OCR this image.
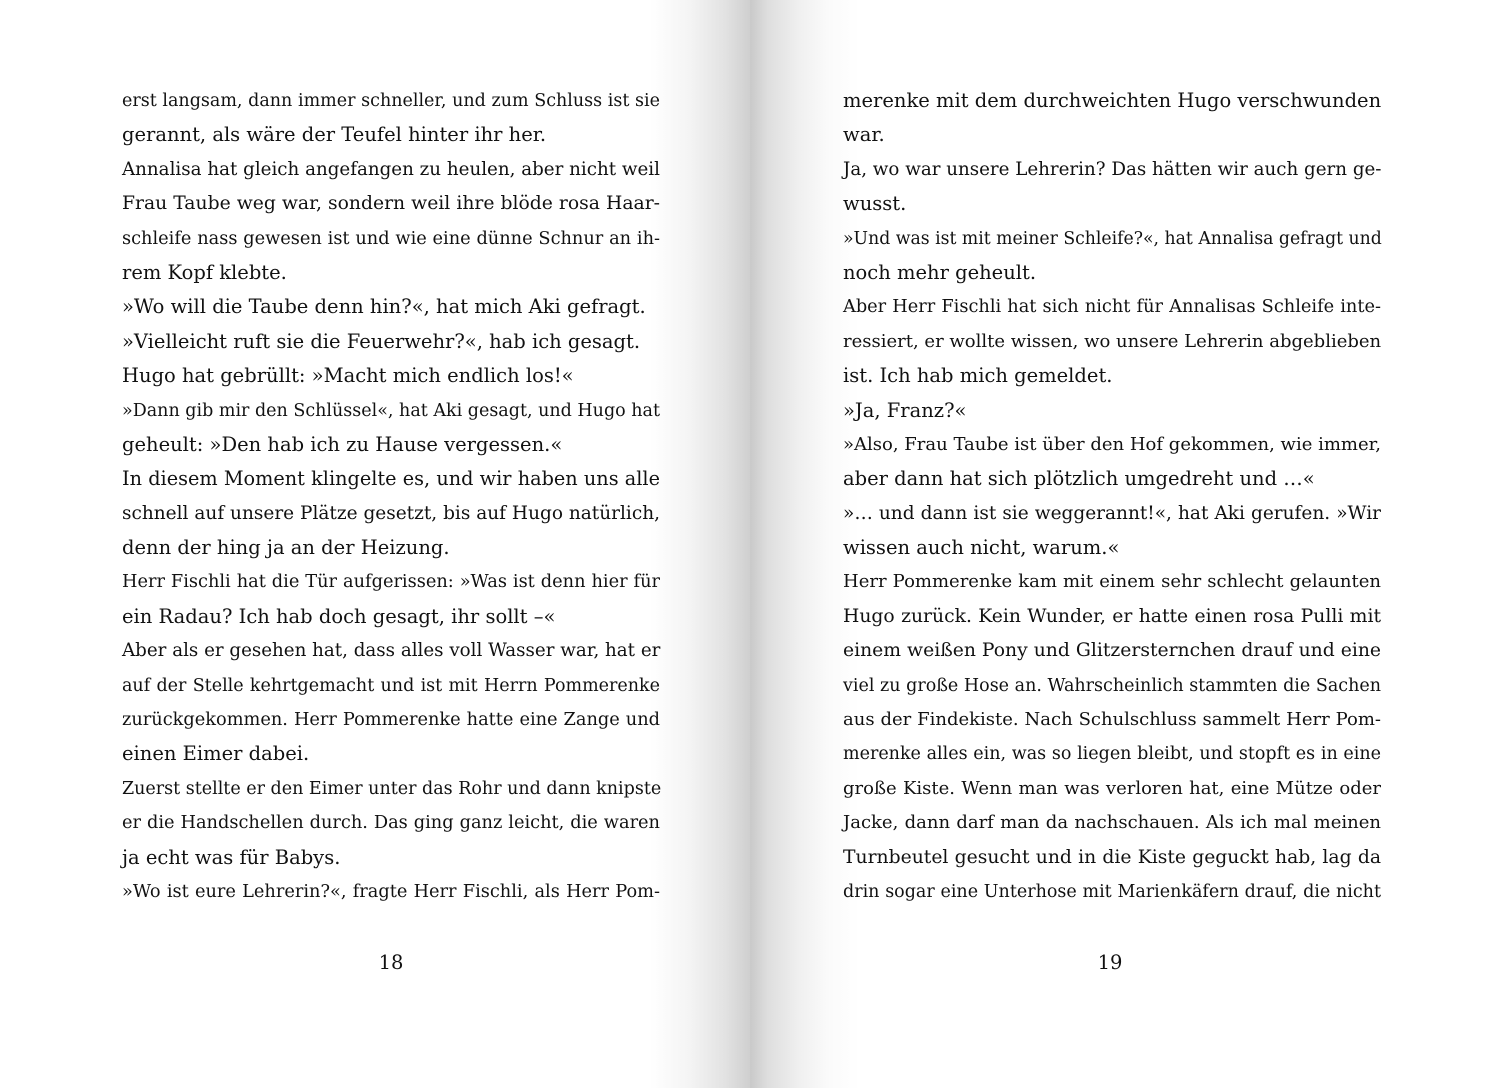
erst langsam, dann immer schneller, und zum Schluss ist sie
gerannt, als wäre der Teufel hinter ihr her.
Annalisa hat gleich angefangen zu heulen, aber nicht weil
Frau Taube weg war, sondern weil ihre blöde rosa Haar-
schleife nass gewesen ist und wie eine dünne Schnur an ih-
rem Kopf klebte.
»Wo will die Taube denn hin?«, hat mich Aki gefragt.
»Vielleicht ruft sie die Feuerwehr?«, hab ich gesagt.
Hugo hat gebrüllt: »Macht mich endlich los!«
»Dann gib mir den Schlüssel«, hat Aki gesagt, und Hugo hat
geheult: »Den hab ich zu Hause vergessen.«
In diesem Moment klingelte es, und wir haben uns alle
schnell auf unsere Plätze gesetzt, bis auf Hugo natürlich,
denn der hing ja an der Heizung.
Herr Fischli hat die Tür aufgerissen: »Was ist denn hier für
ein Radau? Ich hab doch gesagt, ihr sollt –«
Aber als er gesehen hat, dass alles voll Wasser war, hat er
auf der Stelle kehrtgemacht und ist mit Herrn Pommerenke
zurückgekommen. Herr Pommerenke hatte eine Zange und
einen Eimer dabei.
Zuerst stellte er den Eimer unter das Rohr und dann knipste
er die Handschellen durch. Das ging ganz leicht, die waren
ja echt was für Babys.
»Wo ist eure Lehrerin?«, fragte Herr Fischli, als Herr Pom-
18
merenke mit dem durchweichten Hugo verschwunden
war.
Ja, wo war unsere Lehrerin? Das hätten wir auch gern ge-
wusst.
»Und was ist mit meiner Schleife?«, hat Annalisa gefragt und
noch mehr geheult.
Aber Herr Fischli hat sich nicht für Annalisas Schleife inte-
ressiert, er wollte wissen, wo unsere Lehrerin abgeblieben
ist. Ich hab mich gemeldet.
»Ja, Franz?«
»Also, Frau Taube ist über den Hof gekommen, wie immer,
aber dann hat sich plötzlich umgedreht und …«
»… und dann ist sie weggerannt!«, hat Aki gerufen. »Wir
wissen auch nicht, warum.«
Herr Pommerenke kam mit einem sehr schlecht gelaunten
Hugo zurück. Kein Wunder, er hatte einen rosa Pulli mit
einem weißen Pony und Glitzersternchen drauf und eine
viel zu große Hose an. Wahrscheinlich stammten die Sachen
aus der Findekiste. Nach Schulschluss sammelt Herr Pom-
merenke alles ein, was so liegen bleibt, und stopft es in eine
große Kiste. Wenn man was verloren hat, eine Mütze oder
Jacke, dann darf man da nachschauen. Als ich mal meinen
Turnbeutel gesucht und in die Kiste geguckt hab, lag da
drin sogar eine Unterhose mit Marienkäfern drauf, die nicht
19
